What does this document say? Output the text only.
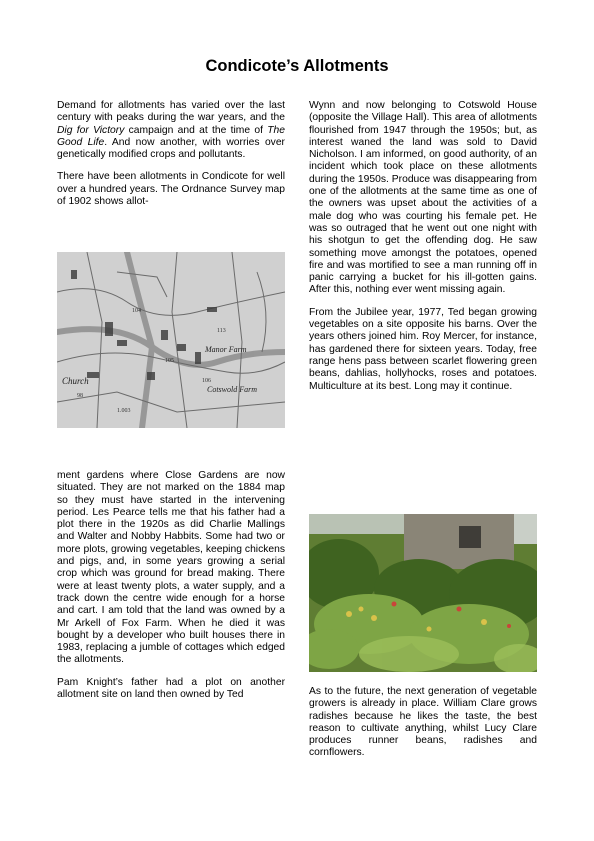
Condicote’s Allotments

Demand for allotments has varied over the last century with peaks during the war years, and the Dig for Victory campaign and at the time of The Good Life. And now another, with worries over genetically modified crops and pollutants.

There have been allotments in Condicote for well over a hundred years. The Ordnance Survey map of 1902 shows allot-

104
105
106
98
1.003
113
Church
Manor Farm
Cotswold Farm

ment gardens where Close Gardens are now situated. They are not marked on the 1884 map so they must have started in the intervening period. Les Pearce tells me that his father had a plot there in the 1920s as did Charlie Mallings and Walter and Nobby Habbits. Some had two or more plots, growing vegetables, keeping chickens and pigs, and, in some years growing a serial crop which was ground for bread making. There were at least twenty plots, a water supply, and a track down the centre wide enough for a horse and cart. I am told that the land was owned by a Mr Arkell of Fox Farm. When he died it was bought by a developer who built houses there in 1983, replacing a jumble of cottages which edged the allotments.

Pam Knight’s father had a plot on another allotment site on land then owned by Ted

Wynn and now belonging to Cotswold House (opposite the Village Hall). This area of allotments flourished from 1947 through the 1950s; but, as interest waned the land was sold to David Nicholson. I am informed, on good authority, of an incident which took place on these allotments during the 1950s. Produce was disappearing from one of the allotments at the same time as one of the owners was upset about the activities of a male dog who was courting his female pet. He was so outraged that he went out one night with his shotgun to get the offending dog. He saw something move amongst the potatoes, opened fire and was mortified to see a man running off in panic carrying a bucket for his ill-gotten gains. After this, nothing ever went missing again.

From the Jubilee year, 1977, Ted began growing vegetables on a site opposite his barns. Over the years others joined him. Roy Mercer, for instance, has gardened there for sixteen years. Today, free range hens pass between scarlet flowering green beans, dahlias, hollyhocks, roses and potatoes. Multiculture at its best. Long may it continue.

As to the future, the next generation of vegetable growers is already in place. William Clare grows radishes because he likes the taste, the best reason to cultivate anything, whilst Lucy Clare produces runner beans, radishes and cornflowers.
